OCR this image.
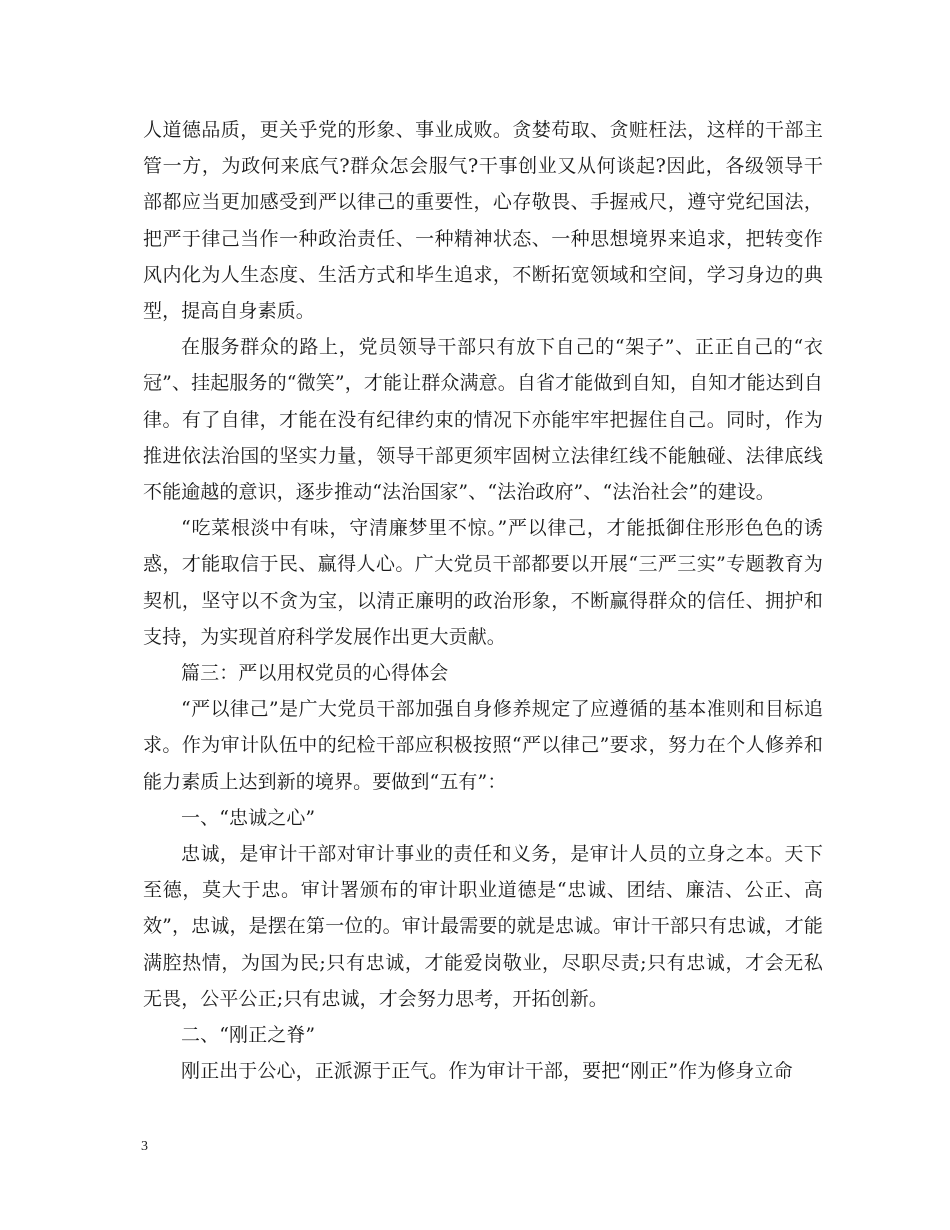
人道德品质，更关乎党的形象、事业成败。贪婪苟取、贪赃枉法，这样的干部主管一方，为政何来底气?群众怎会服气?干事创业又从何谈起?因此，各级领导干部都应当更加感受到严以律己的重要性，心存敬畏、手握戒尺，遵守党纪国法，把严于律己当作一种政治责任、一种精神状态、一种思想境界来追求，把转变作风内化为人生态度、生活方式和毕生追求，不断拓宽领域和空间，学习身边的典型，提高自身素质。

在服务群众的路上，党员领导干部只有放下自己的“架子”、正正自己的“衣冠”、挂起服务的“微笑”，才能让群众满意。自省才能做到自知，自知才能达到自律。有了自律，才能在没有纪律约束的情况下亦能牢牢把握住自己。同时，作为推进依法治国的坚实力量，领导干部更须牢固树立法律红线不能触碰、法律底线不能逾越的意识，逐步推动“法治国家”、“法治政府”、“法治社会”的建设。

“吃菜根淡中有味，守清廉梦里不惊。”严以律己，才能抵御住形形色色的诱惑，才能取信于民、赢得人心。广大党员干部都要以开展“三严三实”专题教育为契机，坚守以不贪为宝，以清正廉明的政治形象，不断赢得群众的信任、拥护和支持，为实现首府科学发展作出更大贡献。

篇三：严以用权党员的心得体会

“严以律己”是广大党员干部加强自身修养规定了应遵循的基本准则和目标追求。作为审计队伍中的纪检干部应积极按照“严以律己”要求，努力在个人修养和能力素质上达到新的境界。要做到“五有”：

一、“忠诚之心”

忠诚，是审计干部对审计事业的责任和义务，是审计人员的立身之本。天下至德，莫大于忠。审计署颁布的审计职业道德是“忠诚、团结、廉洁、公正、高效”，忠诚，是摆在第一位的。审计最需要的就是忠诚。审计干部只有忠诚，才能满腔热情，为国为民;只有忠诚，才能爱岗敬业，尽职尽责;只有忠诚，才会无私无畏，公平公正;只有忠诚，才会努力思考，开拓创新。

二、“刚正之脊”

刚正出于公心，正派源于正气。作为审计干部，要把“刚正”作为修身立命

3
